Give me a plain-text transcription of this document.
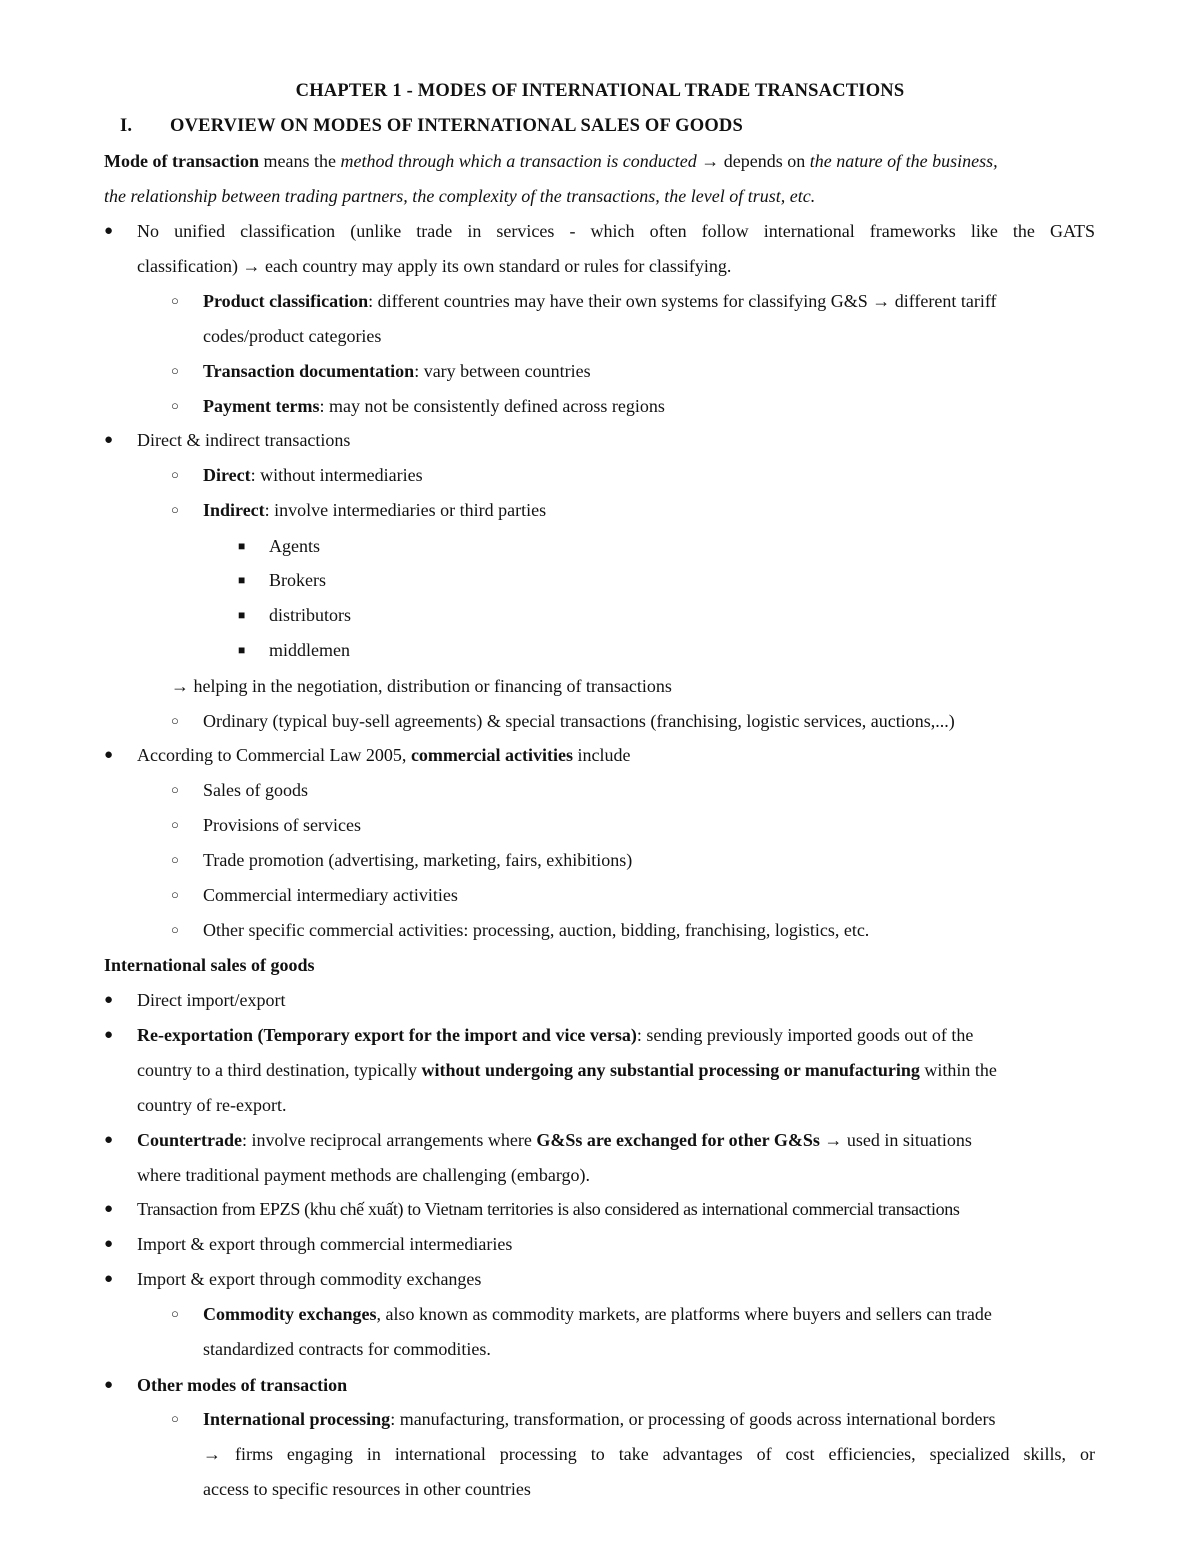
CHAPTER 1 - MODES OF INTERNATIONAL TRADE TRANSACTIONS
I.	OVERVIEW ON MODES OF INTERNATIONAL SALES OF GOODS
Mode of transaction means the method through which a transaction is conducted → depends on the nature of the business,
the relationship between trading partners, the complexity of the transactions, the level of trust, etc.
● No unified classification (unlike trade in services - which often follow international frameworks like the GATS
classification) → each country may apply its own standard or rules for classifying.
○ Product classification: different countries may have their own systems for classifying G&S → different tariff
codes/product categories
○ Transaction documentation: vary between countries
○ Payment terms: may not be consistently defined across regions
● Direct & indirect transactions
○ Direct: without intermediaries
○ Indirect: involve intermediaries or third parties
■ Agents
■ Brokers
■ distributors
■ middlemen
→ helping in the negotiation, distribution or financing of transactions
○ Ordinary (typical buy-sell agreements) & special transactions (franchising, logistic services, auctions,...)
● According to Commercial Law 2005, commercial activities include
○ Sales of goods
○ Provisions of services
○ Trade promotion (advertising, marketing, fairs, exhibitions)
○ Commercial intermediary activities
○ Other specific commercial activities: processing, auction, bidding, franchising, logistics, etc.
International sales of goods
● Direct import/export
● Re-exportation (Temporary export for the import and vice versa): sending previously imported goods out of the
country to a third destination, typically without undergoing any substantial processing or manufacturing within the
country of re-export.
● Countertrade: involve reciprocal arrangements where G&Ss are exchanged for other G&Ss → used in situations
where traditional payment methods are challenging (embargo).
● Transaction from EPZS (khu chế xuất) to Vietnam territories is also considered as international commercial transactions
● Import & export through commercial intermediaries
● Import & export through commodity exchanges
○ Commodity exchanges, also known as commodity markets, are platforms where buyers and sellers can trade
standardized contracts for commodities.
● Other modes of transaction
○ International processing: manufacturing, transformation, or processing of goods across international borders
→ firms engaging in international processing to take advantages of cost efficiencies, specialized skills, or
access to specific resources in other countries
